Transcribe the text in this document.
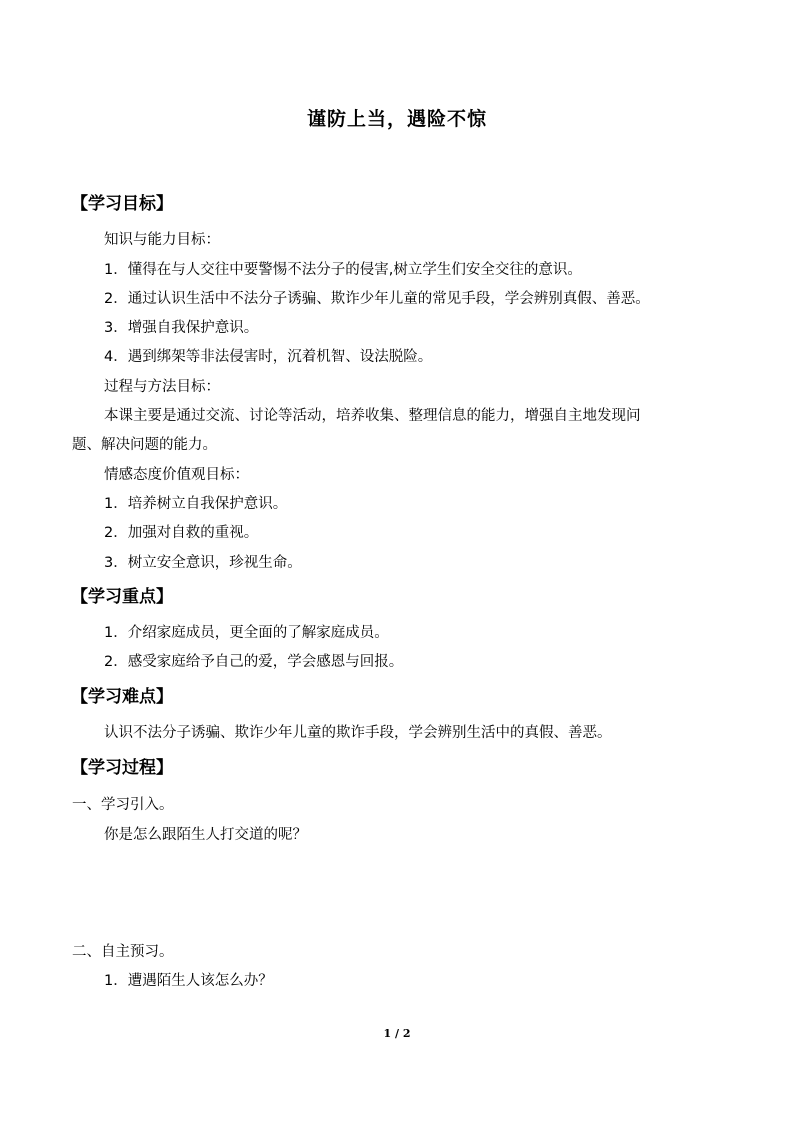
谨防上当，遇险不惊
【学习目标】
知识与能力目标：
1．懂得在与人交往中要警惕不法分子的侵害,树立学生们安全交往的意识。
2．通过认识生活中不法分子诱骗、欺诈少年儿童的常见手段，学会辨别真假、善恶。
3．增强自我保护意识。
4．遇到绑架等非法侵害时，沉着机智、设法脱险。
过程与方法目标：
本课主要是通过交流、讨论等活动，培养收集、整理信息的能力，增强自主地发现问
题、解决问题的能力。
情感态度价值观目标：
1．培养树立自我保护意识。
2．加强对自救的重视。
3．树立安全意识，珍视生命。
【学习重点】
1．介绍家庭成员，更全面的了解家庭成员。
2．感受家庭给予自己的爱，学会感恩与回报。
【学习难点】
认识不法分子诱骗、欺诈少年儿童的欺诈手段，学会辨别生活中的真假、善恶。
【学习过程】
一、学习引入。
你是怎么跟陌生人打交道的呢？
二、自主预习。
1．遭遇陌生人该怎么办？
1 / 2
